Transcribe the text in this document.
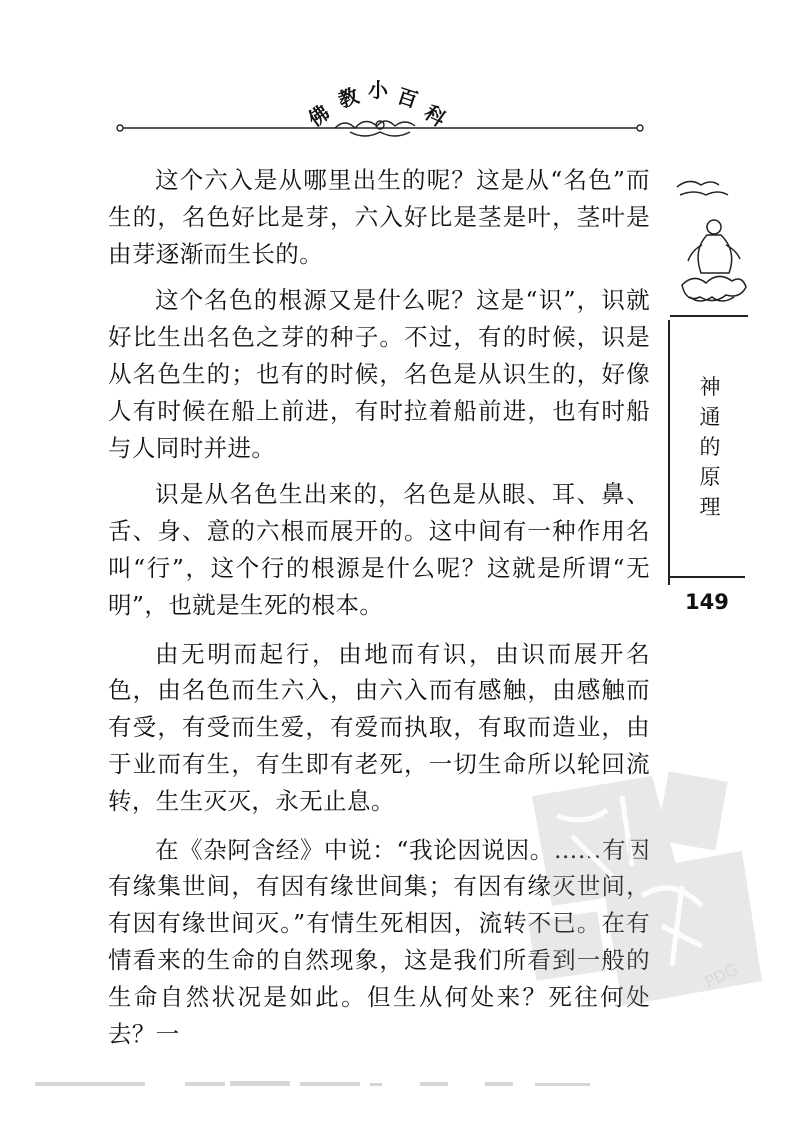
佛
教 小 百
科

这个六入是从哪里出生的呢？这是从“名色”而生的，名色好比是芽，六入好比是茎是叶，茎叶是由芽逐渐而生长的。

这个名色的根源又是什么呢？这是“识”，识就好比生出名色之芽的种子。不过，有的时候，识是从名色生的；也有的时候，名色是从识生的，好像人有时候在船上前进，有时拉着船前进，也有时船与人同时并进。

识是从名色生出来的，名色是从眼、耳、鼻、舌、身、意的六根而展开的。这中间有一种作用名叫“行”，这个行的根源是什么呢？这就是所谓“无明”，也就是生死的根本。

由无明而起行，由地而有识，由识而展开名色，由名色而生六入，由六入而有感触，由感触而有受，有受而生爱，有爱而执取，有取而造业，由于业而有生，有生即有老死，一切生命所以轮回流转，生生灭灭，永无止息。

在《杂阿含经》中说：“我论因说因。……有因有缘集世间，有因有缘世间集；有因有缘灭世间，有因有缘世间灭。”有情生死相因，流转不已。在有情看来的生命的自然现象，这是我们所看到一般的生命自然状况是如此。但生从何处来？死往何处去？一

神
通
的
原
理
149
PDG
